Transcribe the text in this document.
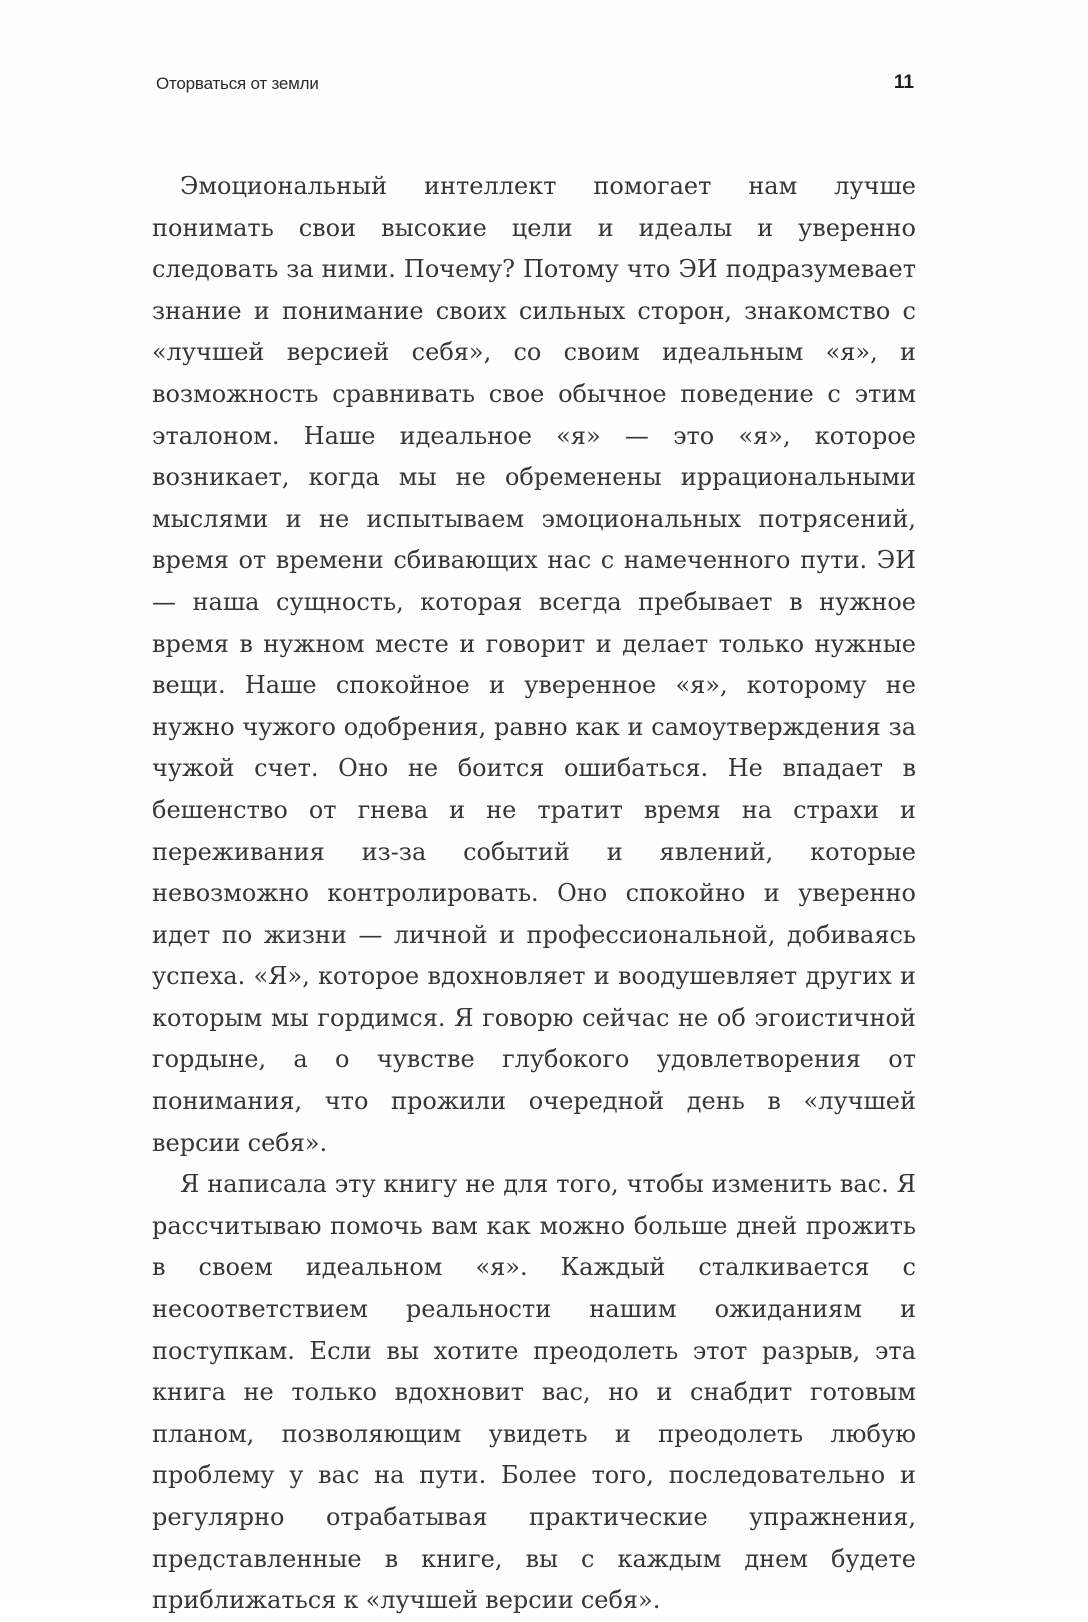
Оторваться от земли	11

Эмоциональный интеллект помогает нам лучше понимать свои высокие цели и идеалы и уверенно следовать за ними. Почему? Потому что ЭИ подразумевает знание и понимание своих сильных сторон, знакомство с «лучшей версией себя», со своим идеальным «я», и возможность сравнивать свое обычное поведение с этим эталоном. Наше идеальное «я» — это «я», которое возникает, когда мы не обременены иррациональными мыслями и не испытываем эмоциональных потрясений, время от времени сбивающих нас с намеченного пути. ЭИ — наша сущность, которая всегда пребывает в нужное время в нужном месте и говорит и делает только нужные вещи. Наше спокойное и уверенное «я», которому не нужно чужого одобрения, равно как и самоутверждения за чужой счет. Оно не боится ошибаться. Не впадает в бешенство от гнева и не тратит время на страхи и переживания из-за событий и явлений, которые невозможно контролировать. Оно спокойно и уверенно идет по жизни — личной и профессиональной, добиваясь успеха. «Я», которое вдохновляет и воодушевляет других и которым мы гордимся. Я говорю сейчас не об эгоистичной гордыне, а о чувстве глубокого удовлетворения от понимания, что прожили очередной день в «лучшей версии себя».

Я написала эту книгу не для того, чтобы изменить вас. Я рассчитываю помочь вам как можно больше дней прожить в своем идеальном «я». Каждый сталкивается с несоответствием реальности нашим ожиданиям и поступкам. Если вы хотите преодолеть этот разрыв, эта книга не только вдохновит вас, но и снабдит готовым планом, позволяющим увидеть и преодолеть любую проблему у вас на пути. Более того, последовательно и регулярно отрабатывая практические упражнения, представленные в книге, вы с каждым днем будете приближаться к «лучшей версии себя».
